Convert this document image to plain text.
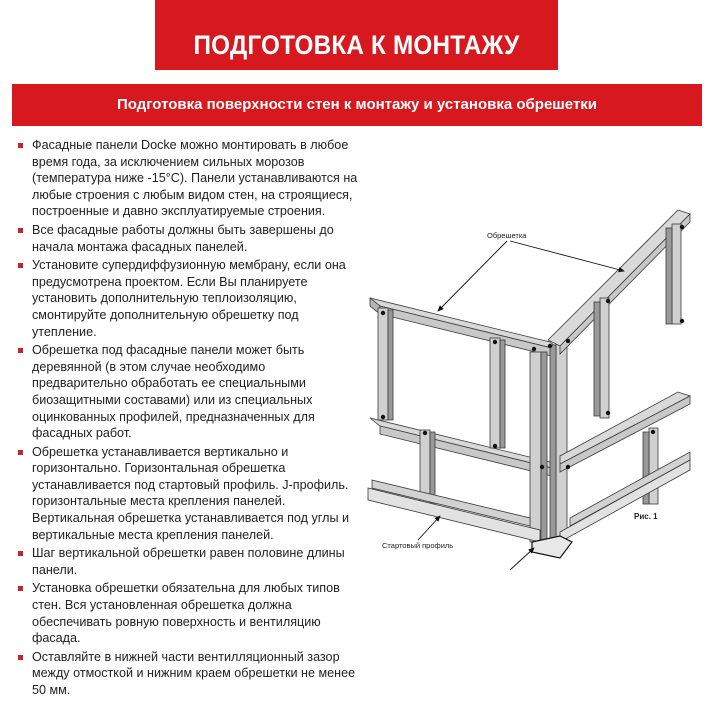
ПОДГОТОВКА К МОНТАЖУ
Подготовка поверхности стен к монтажу и установка обрешетки
Фасадные панели Docke можно монтировать в любое время года, за исключением сильных морозов (температура ниже -15°С). Панели устанавливаются на любые строения с любым видом стен, на строящиеся, построенные и давно эксплуатируемые строения.
Все фасадные работы должны быть завершены до начала монтажа фасадных панелей.
Установите супердиффузионную мембрану, если она предусмотрена проектом. Если Вы планируете установить дополнительную теплоизоляцию, смонтируйте дополнительную обрешетку под утепление.
Обрешетка под фасадные панели может быть деревянной (в этом случае необходимо предварительно обработать ее специальными биозащитными составами) или из специальных оцинкованных профилей, предназначенных для фасадных работ.
Обрешетка устанавливается вертикально и горизонтально. Горизонтальная обрешетка устанавливается под стартовый профиль. J-профиль. горизонтальные места крепления панелей. Вертикальная обрешетка устанавливается под углы и вертикальные места крепления панелей.
Шаг вертикальной обрешетки равен половине длины панели.
Установка обрешетки обязательна для любых типов стен. Вся установленная обрешетка должна обеспечивать ровную поверхность и вентиляцию фасада.
Оставляйте в нижней части вентилляционный зазор между отмосткой и нижним краем обрешетки не менее 50 мм.
Обрешетка
Стартовый профиль
Рис. 1
